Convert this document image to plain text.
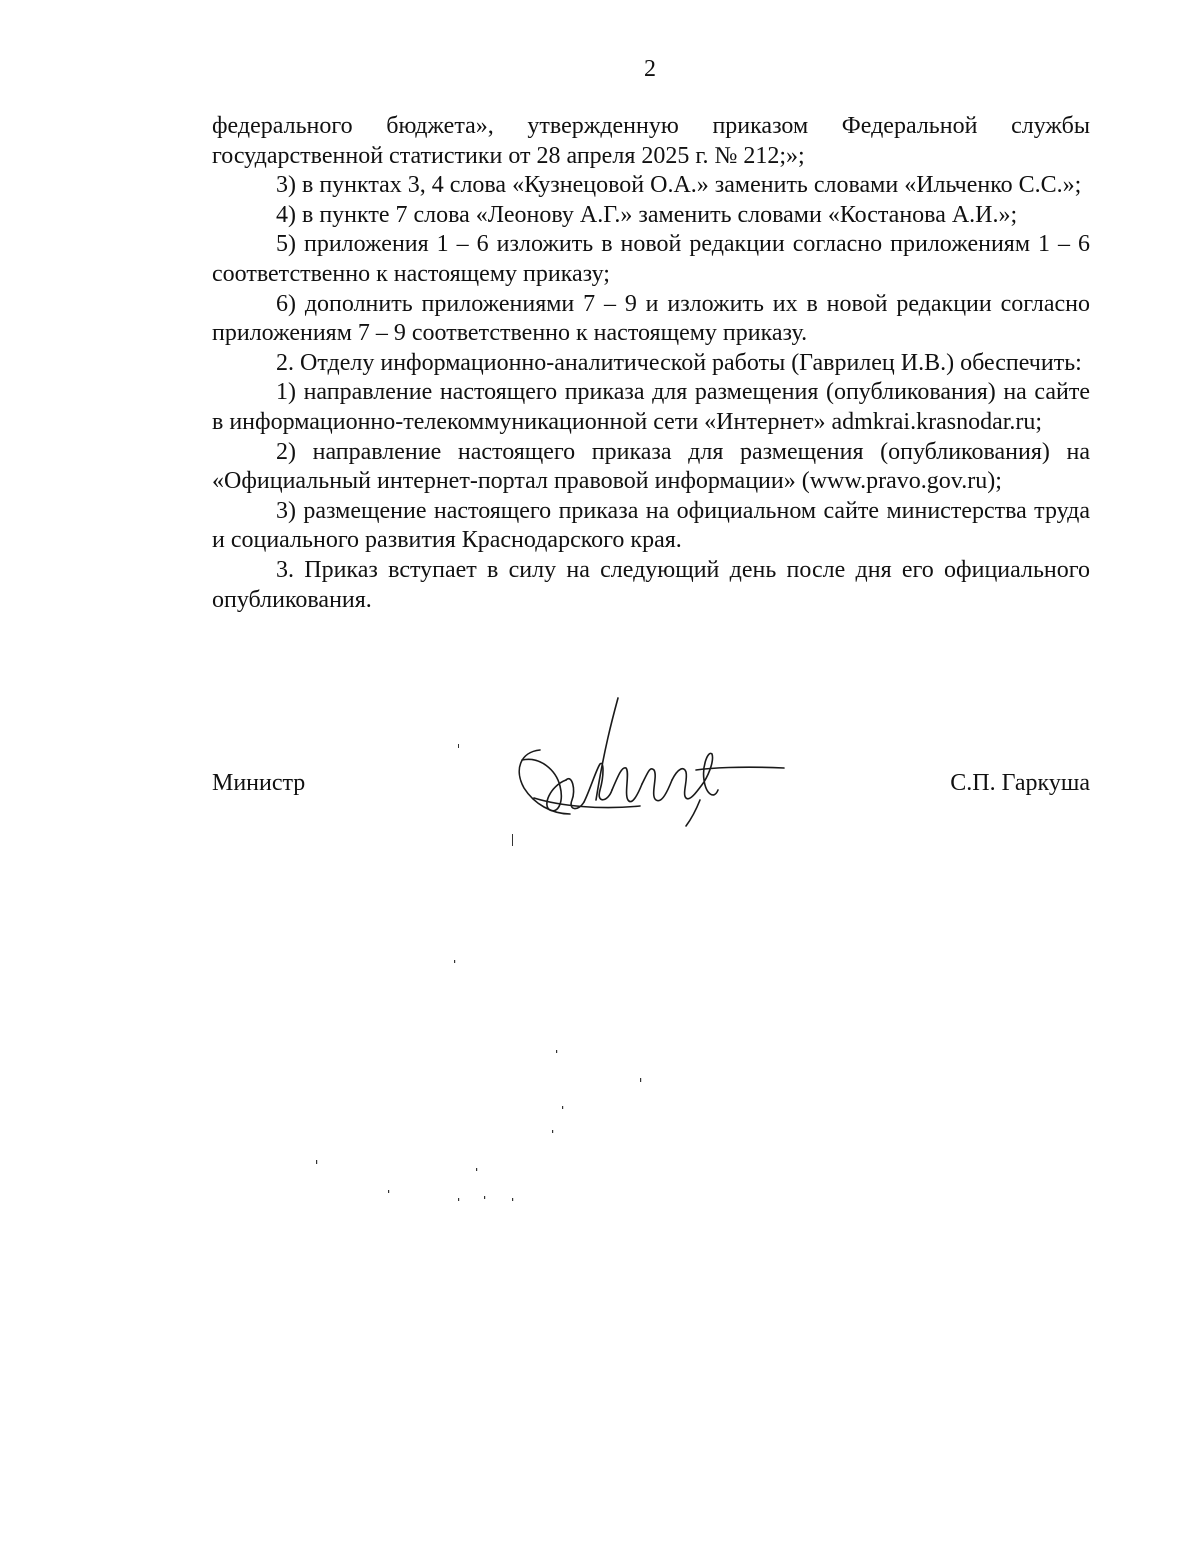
2

федерального бюджета», утвержденную приказом Федеральной службы государственной статистики от 28 апреля 2025 г. № 212;»;

3) в пунктах 3, 4 слова «Кузнецовой О.А.» заменить словами «Ильченко С.С.»;

4) в пункте 7 слова «Леонову А.Г.» заменить словами «Костанова А.И.»;

5) приложения 1 – 6 изложить в новой редакции согласно приложениям 1 – 6 соответственно к настоящему приказу;

6) дополнить приложениями 7 – 9 и изложить их в новой редакции согласно приложениям 7 – 9 соответственно к настоящему приказу.

2. Отделу информационно-аналитической работы (Гаврилец И.В.) обеспечить:

1) направление настоящего приказа для размещения (опубликования) на сайте в информационно-телекоммуникационной сети «Интернет» admkrai.krasnodar.ru;

2) направление настоящего приказа для размещения (опубликования) на «Официальный интернет-портал правовой информации» (www.pravo.gov.ru);

3) размещение настоящего приказа на официальном сайте министерства труда и социального развития Краснодарского края.

3. Приказ вступает в силу на следующий день после дня его официального опубликования.

Министр	С.П. Гаркуша
